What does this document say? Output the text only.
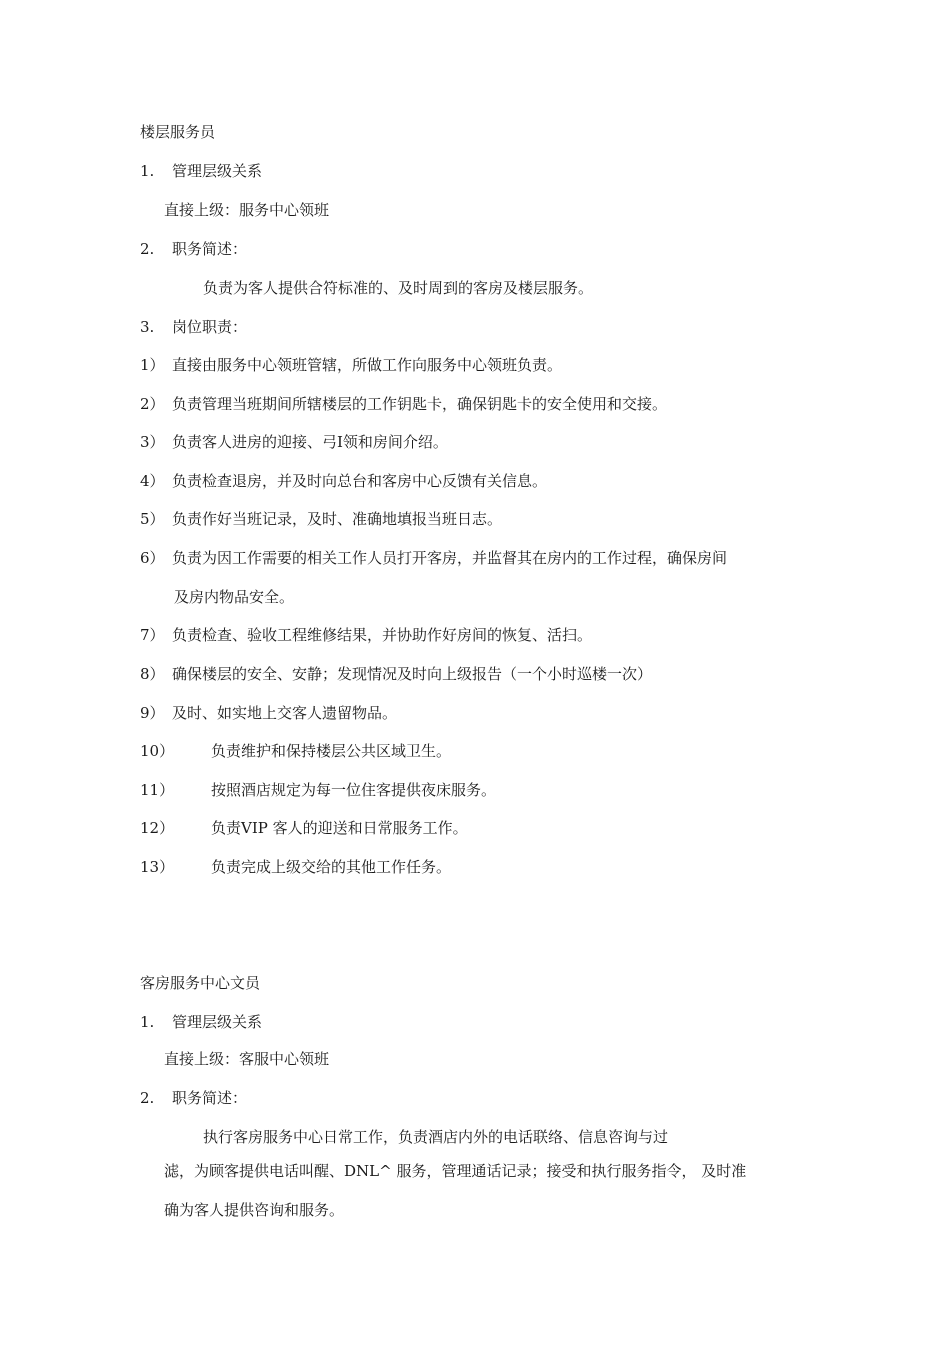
楼层服务员
1. 管理层级关系
直接上级：服务中心领班
2. 职务简述：
负责为客人提供合符标准的、及时周到的客房及楼层服务。
3. 岗位职责：
1） 直接由服务中心领班管辖，所做工作向服务中心领班负责。
2） 负责管理当班期间所辖楼层的工作钥匙卡，确保钥匙卡的安全使用和交接。
3） 负责客人进房的迎接、弓I领和房间介绍。
4） 负责检查退房，并及时向总台和客房中心反馈有关信息。
5） 负责作好当班记录，及时、准确地填报当班日志。
6） 负责为因工作需要的相关工作人员打开客房，并监督其在房内的工作过程，确保房间
及房内物品安全。
7） 负责检查、验收工程维修结果，并协助作好房间的恢复、活扫。
8） 确保楼层的安全、安静；发现情况及时向上级报告（一个小时巡楼一次）
9） 及时、如实地上交客人遗留物品。
10） 负责维护和保持楼层公共区域卫生。
11） 按照酒店规定为每一位住客提供夜床服务。
12） 负责VIP 客人的迎送和日常服务工作。
13） 负责完成上级交给的其他工作任务。
客房服务中心文员
1. 管理层级关系
直接上级：客服中心领班
2. 职务简述：
执行客房服务中心日常工作，负责酒店内外的电话联络、信息咨询与过
滤，为顾客提供电话叫醒、DNL^ 服务，管理通话记录；接受和执行服务指令， 及时准
确为客人提供咨询和服务。
